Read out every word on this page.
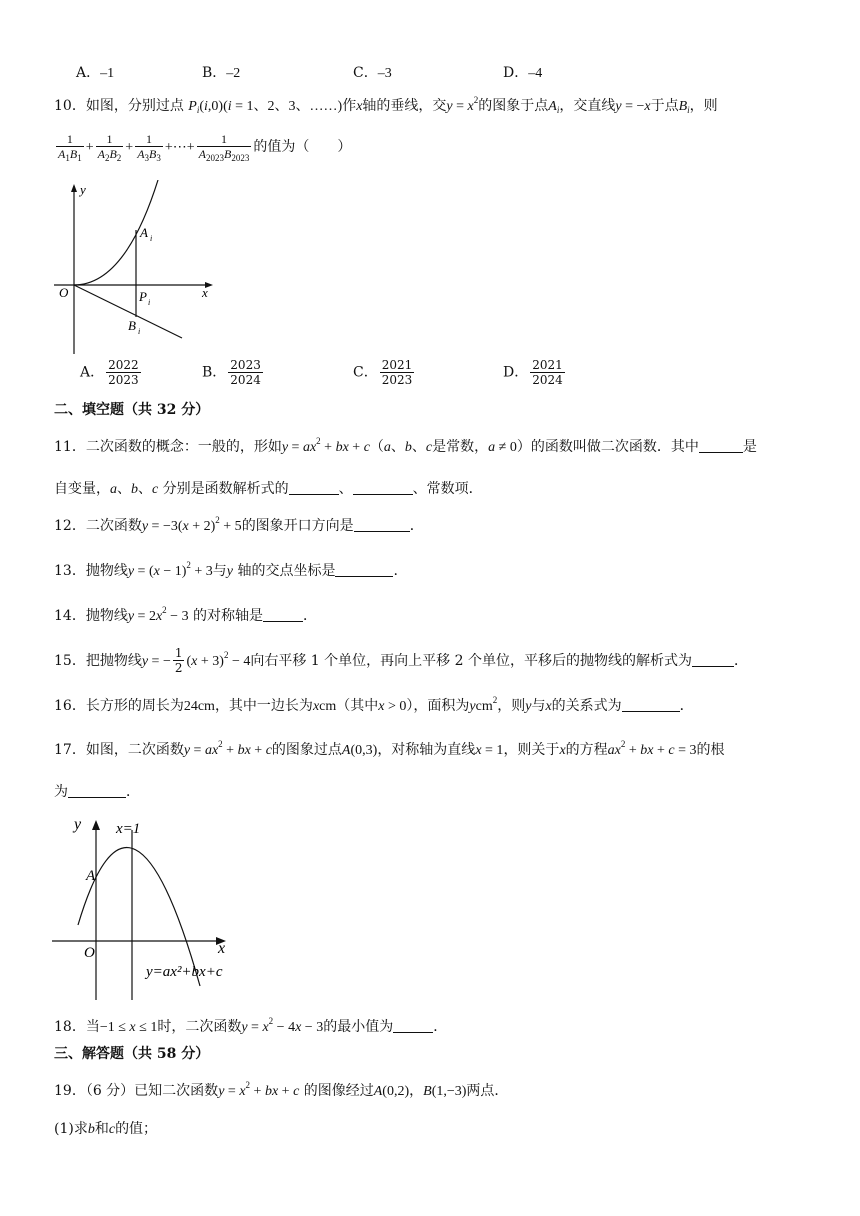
A．–1	B．–2	C．–3	D．–4
10．如图，分别过点 $P_i(i,0)(i = 1$、2、3、……)作x轴的垂线，交$y = x^2$的图象于点$A_i$，交直线y = −x于点$B_i$，则
$\frac{1}{A_1B_1} + \frac{1}{A_2B_2} + \frac{1}{A_3B_3}$ +⋯+ $\frac{1}{A_{2023}B_{2023}}$ 的值为（　　）
y
x
O
A i
P i
B i
A． $\frac{2022}{2023}$	B． $\frac{2023}{2024}$	C． $\frac{2021}{2023}$	D． $\frac{2021}{2024}$
二、填空题（共 32 分）
11．二次函数的概念：一般的，形如$y = ax^2$ + bx + c（a、b、c是常数，a ≠ 0）的函数叫做二次函数．其中	是
自变量，a、b、c 分别是函数解析式的	、	、常数项．
12．二次函数$y = -3(x + 2)^2 + 5$的图象开口方向是	．
13．抛物线$y = (x - 1)^2 + 3$与y 轴的交点坐标是	.
14．抛物线$y = 2x^2 - 3$ 的对称轴是	．
15．把抛物线y = − $\frac{1}{2} (x + 3)^2 - 4$向右平移 1 个单位，再向上平移 2 个单位，平移后的抛物线的解析式为	．
16．长方形的周长为24cm，其中一边长为xcm（其中x > 0），面积为ycm$^2$，则y与x的关系式为	．
17．如图，二次函数$y = ax^2$ + bx + c的图象过点A(0,3)，对称轴为直线x = 1，则关于x的方程$ax^2$ + bx + c = 3的根
为	．
y x=1
A
O	x
y=ax²+bx+c
18．当−1 ≤ x ≤ 1时，二次函数$y = x^2 - 4x - 3$的最小值为	．
三、解答题（共 58 分）
19．（6 分）已知二次函数$y = x^2$ + bx + c 的图像经过A(0,2)，B(1,−3)两点．
(1)求b和c的值；
